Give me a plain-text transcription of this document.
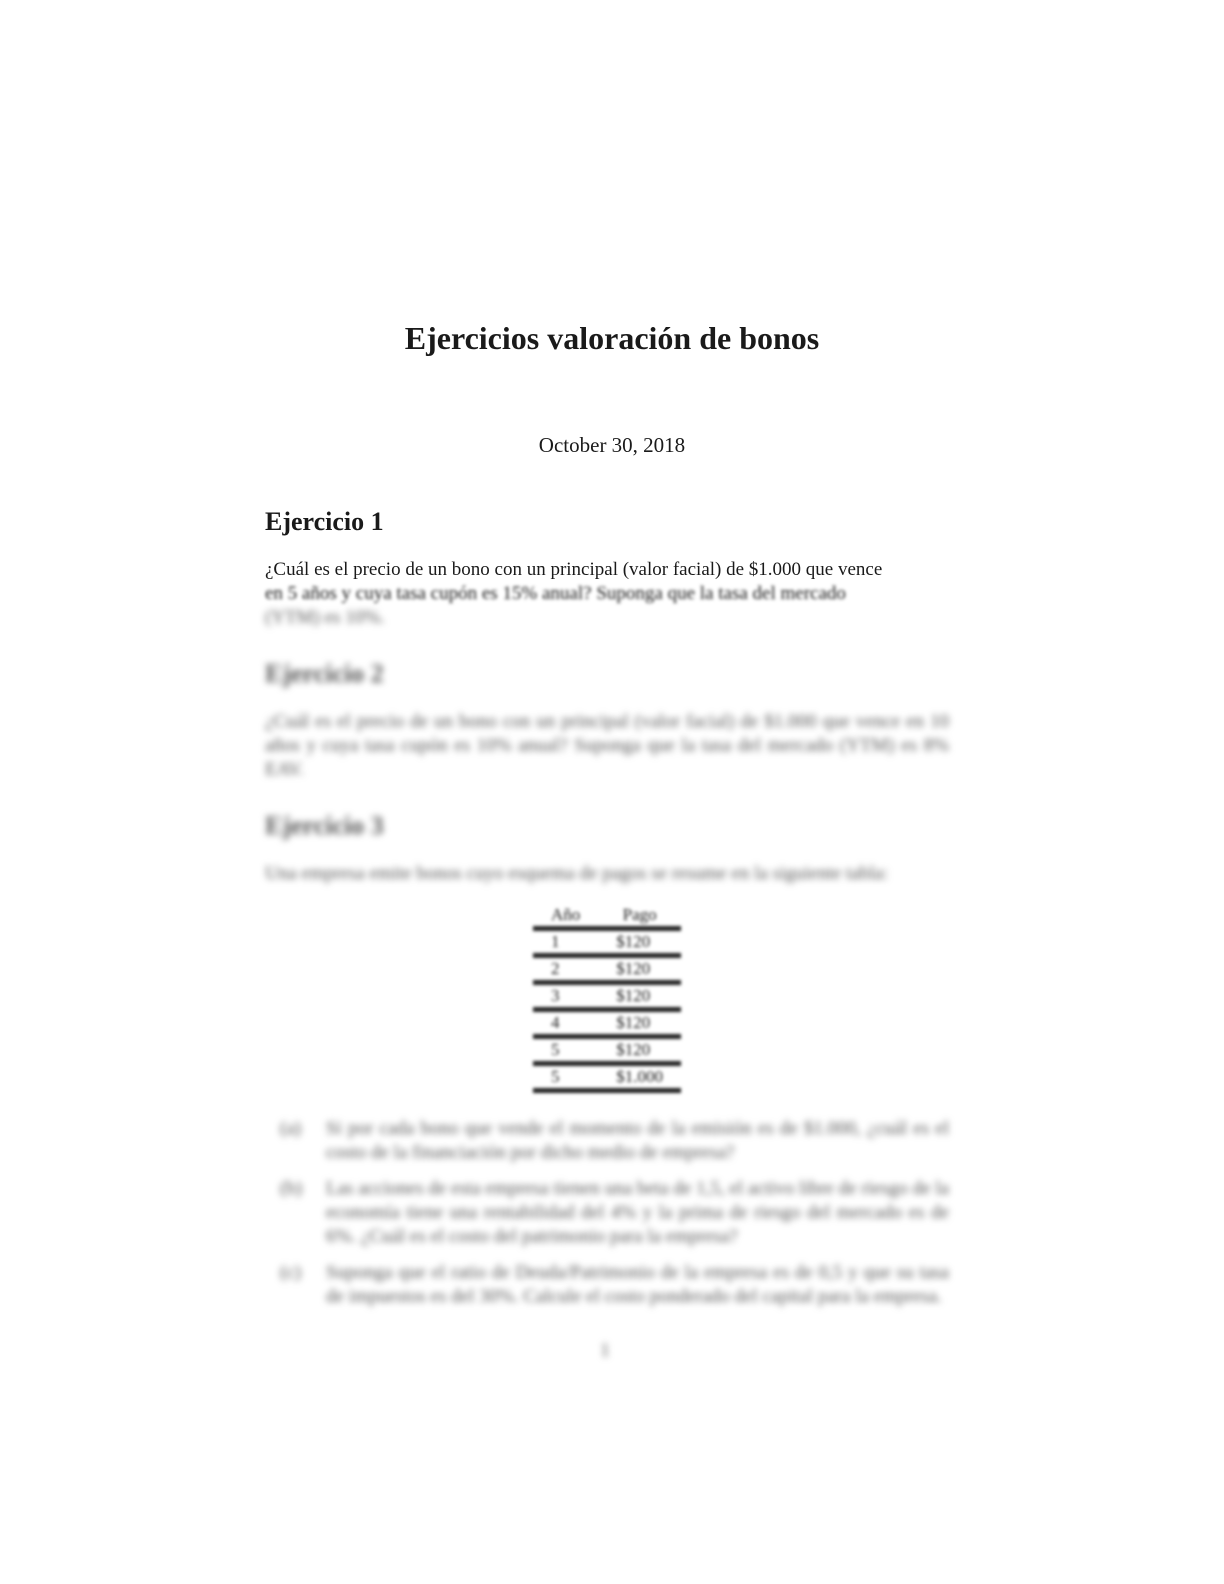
Ejercicios valoración de bonos
October 30, 2018
Ejercicio 1

¿Cuál es el precio de un bono con un principal (valor facial) de $1.000 que vence

en 5 años y cuya tasa cupón es 15% anual? Suponga que la tasa del mercado

(YTM) es 10%.

Ejercicio 2

¿Cuál es el precio de un bono con un principal (valor facial) de $1.000 que vence en 10 años y cuya tasa cupón es 10% anual? Suponga que la tasa del mercado (YTM) es 8% EAV.

Ejercicio 3

Una empresa emite bonos cuyo esquema de pagos se resume en la siguiente tabla:

Año	Pago
1	$120
2	$120
3	$120
4	$120
5	$120
5	$1.000
(a)	Si por cada bono que vende el momento de la emisión es de $1.000, ¿cuál es el costo de la financiación por dicho medio de empresa?

(b)	Las acciones de esta empresa tienen una beta de 1,5, el activo libre de riesgo de la economía tiene una rentabilidad del 4% y la prima de riesgo del mercado es de 6%. ¿Cuál es el costo del patrimonio para la empresa?

(c)	Suponga que el ratio de Deuda/Patrimonio de la empresa es de 0,5 y que su tasa de impuestos es del 30%. Calcule el costo ponderado del capital para la empresa.

1
